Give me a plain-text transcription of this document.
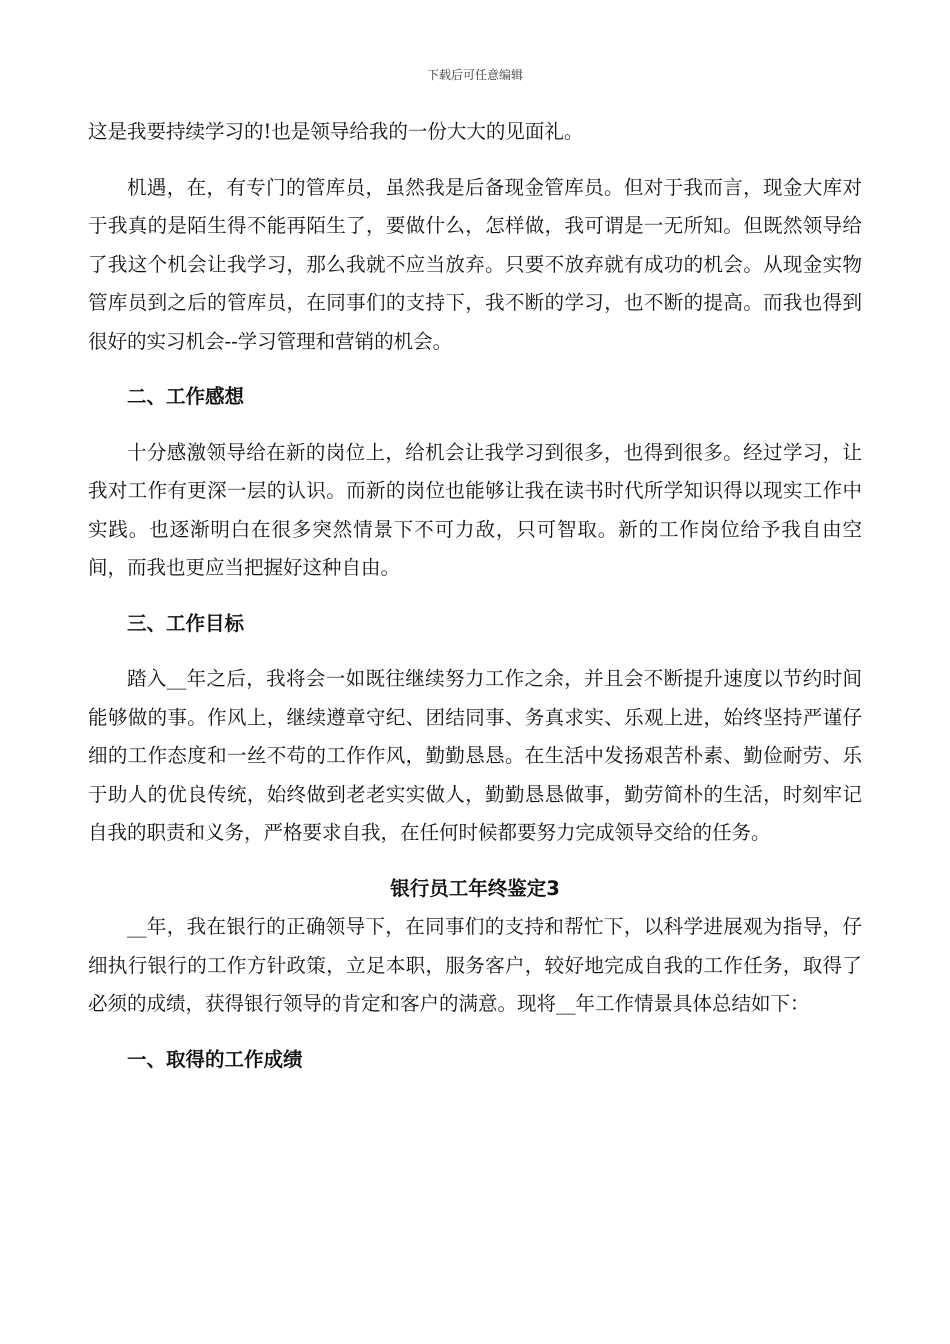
下载后可任意编辑

这是我要持续学习的!也是领导给我的一份大大的见面礼。

机遇，在，有专门的管库员，虽然我是后备现金管库员。但对于我而言，现金大库对于我真的是陌生得不能再陌生了，要做什么，怎样做，我可谓是一无所知。但既然领导给了我这个机会让我学习，那么我就不应当放弃。只要不放弃就有成功的机会。从现金实物管库员到之后的管库员，在同事们的支持下，我不断的学习，也不断的提高。而我也得到很好的实习机会--学习管理和营销的机会。

二、工作感想

十分感激领导给在新的岗位上，给机会让我学习到很多，也得到很多。经过学习，让我对工作有更深一层的认识。而新的岗位也能够让我在读书时代所学知识得以现实工作中实践。也逐渐明白在很多突然情景下不可力敌，只可智取。新的工作岗位给予我自由空间，而我也更应当把握好这种自由。

三、工作目标

踏入__年之后，我将会一如既往继续努力工作之余，并且会不断提升速度以节约时间能够做的事。作风上，继续遵章守纪、团结同事、务真求实、乐观上进，始终坚持严谨仔细的工作态度和一丝不苟的工作作风，勤勤恳恳。在生活中发扬艰苦朴素、勤俭耐劳、乐于助人的优良传统，始终做到老老实实做人，勤勤恳恳做事，勤劳简朴的生活，时刻牢记自我的职责和义务，严格要求自我，在任何时候都要努力完成领导交给的任务。

银行员工年终鉴定3

__年，我在银行的正确领导下，在同事们的支持和帮忙下，以科学进展观为指导，仔细执行银行的工作方针政策，立足本职，服务客户，较好地完成自我的工作任务，取得了必须的成绩，获得银行领导的肯定和客户的满意。现将__年工作情景具体总结如下：

一、取得的工作成绩
